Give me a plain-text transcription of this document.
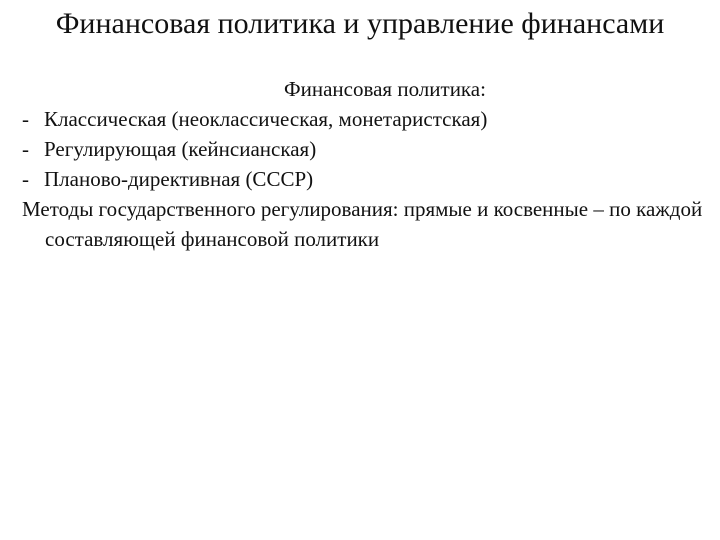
Финансовая политика и управление финансами
Финансовая политика:
- Классическая (неоклассическая, монетаристская)
- Регулирующая (кейнсианская)
- Планово-директивная (СССР)
Методы государственного регулирования: прямые и косвенные – по каждой составляющей финансовой политики
